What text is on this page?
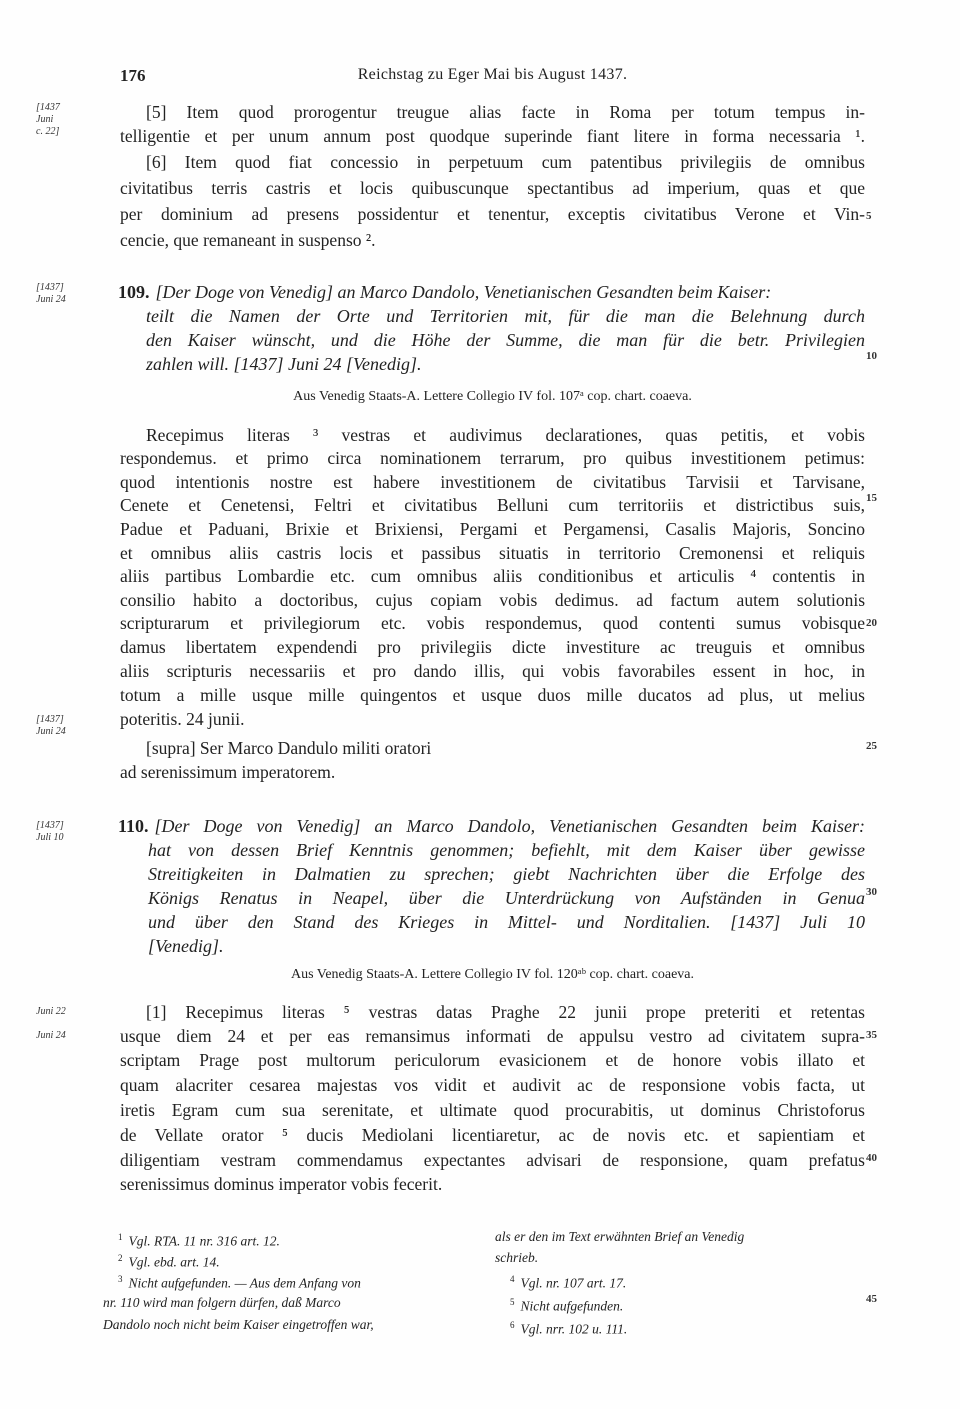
176	Reichstag zu Eger Mai bis August 1437.
[1437
Juni
c. 22]
[5] Item quod prorogentur treugue alias facte in Roma per totum tempus in-
telligentie et per unum annum post quodque superinde fiant litere in forma necessaria ¹.
[6] Item quod fiat concessio in perpetuum cum patentibus privilegiis de omnibus
civitatibus terris castris et locis quibuscunque spectantibus ad imperium, quas et que
per dominium ad presens possidentur et tenentur, exceptis civitatibus Verone et Vin-
cencie, que remaneant in suspenso ².
[1437]
Juni 24	109. [Der Doge von Venedig] an Marco Dandolo, Venetianischen Gesandten beim Kaiser:
teilt die Namen der Orte und Territorien mit, für die man die Belehnung durch
den Kaiser wünscht, und die Höhe der Summe, die man für die betr. Privilegien
zahlen will. [1437] Juni 24 [Venedig].
Aus Venedig Staats-A. Lettere Collegio IV fol. 107ᵃ cop. chart. coaeva.
Recepimus literas ³ vestras et audivimus declarationes, quas petitis, et vobis
respondemus. et primo circa nominationem terrarum, pro quibus investitionem petimus:
quod intentionis nostre est habere investitionem de civitatibus Tarvisii et Tarvisane,
Cenete et Cenetensi, Feltri et civitatibus Belluni cum territoriis et districtibus suis,
Padue et Paduani, Brixie et Brixiensi, Pergami et Pergamensi, Casalis Majoris, Soncino
et omnibus aliis castris locis et passibus situatis in territorio Cremonensi et reliquis
aliis partibus Lombardie etc. cum omnibus aliis conditionibus et articulis ⁴ contentis in
consilio habito a doctoribus, cujus copiam vobis dedimus. ad factum autem solutionis
scripturarum et privilegiorum etc. vobis respondemus, quod contenti sumus vobisque
damus libertatem expendendi pro privilegiis dicte investiture ac treuguis et omnibus
aliis scripturis necessariis et pro dando illis, qui vobis favorabiles essent in hoc, in
totum a mille usque mille quingentos et usque duos mille ducatos ad plus, ut melius
[1437]
Juni 24
poteritis. 24 junii.
[supra] Ser Marco Dandulo militi oratori
ad serenissimum imperatorem.
[1437]
Juli 10
110. [Der Doge von Venedig] an Marco Dandolo, Venetianischen Gesandten beim Kaiser:
hat von dessen Brief Kenntnis genommen; befiehlt, mit dem Kaiser über gewisse
Streitigkeiten in Dalmatien zu sprechen; giebt Nachrichten über die Erfolge des
Königs Renatus in Neapel, über die Unterdrückung von Aufständen in Genua
und über den Stand des Krieges in Mittel- und Norditalien. [1437] Juli 10
[Venedig].
Aus Venedig Staats-A. Lettere Collegio IV fol. 120ᵃᵇ cop. chart. coaeva.
Juni 22
Juni 24
[1] Recepimus literas ⁵ vestras datas Praghe 22 junii prope preteriti et retentas
usque diem 24 et per eas remansimus informati de appulsu vestro ad civitatem supra-
scriptam Prage post multorum periculorum evasicionem et de honore vobis illato et
quam alacriter cesarea majestas vos vidit et audivit ac de responsione vobis facta, ut
iretis Egram cum sua serenitate, et ultimate quod procurabitis, ut dominus Christoforus
de Vellate orator ⁵ ducis Mediolani licentiaretur, ac de novis etc. et sapientiam et
diligentiam vestram commendamus expectantes advisari de responsione, quam prefatus
serenissimus dominus imperator vobis fecerit.
5
10
15
20
25
30
35
40
45
$^1$ Vgl. RTA. 11 nr. 316 art. 12.
$^2$ Vgl. ebd. art. 14.
$^3$ Nicht aufgefunden. — Aus dem Anfang von
nr. 110 wird man folgern dürfen, daß Marco
Dandolo noch nicht beim Kaiser eingetroffen war,
als er den im Text erwähnten Brief an Venedig
schrieb.
$^4$ Vgl. nr. 107 art. 17.
$^5$ Nicht aufgefunden.
$^6$ Vgl. nrr. 102 u. 111.
